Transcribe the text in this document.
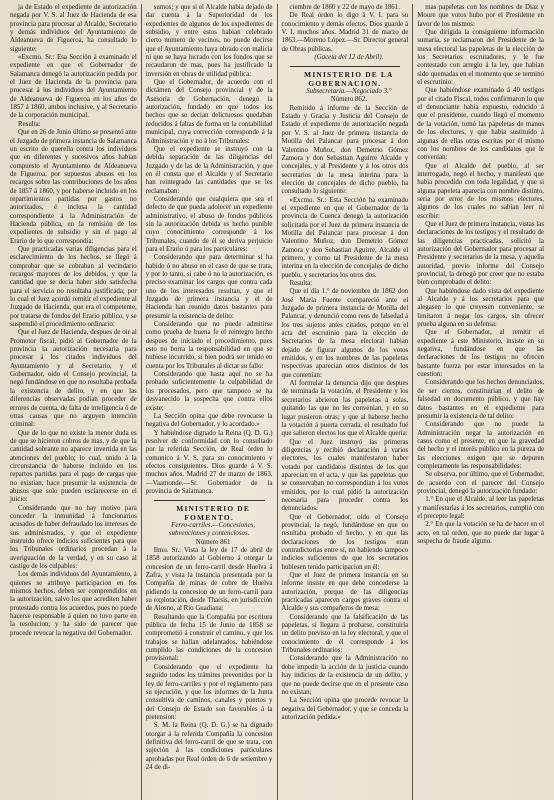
ja de Estado el expediente de autorización negada por V. S. al Juez de Hacienda de esa provincia para procesar al Alcalde, Secretario y demás individuos del Ayuntamiento de Aldeanueva de Figueroa, ha consultado lo siguiente:

«Excmo. Sr.: Esa Sección á examinado el expediente en que el Gobernador de Salamanca denegó la autorización pedida por el Juez de Hacienda de la provincia para procesar á los individuos del Ayuntamiento de Aldeanueva de Figueroa en los años de 1857 á 1860, ambos inclusive, y al Secretario de la corporación municipal.

Resulta:

Que en 26 de Junio último se presentó ante el Juzgado de primera instancia de Salamanca un escrito de querella contra los individuos que en diferentes y sucesivos años habian compuesto el Ayuntamiento de Aldeanueva de Figueroa, por supuestos abusos en los recargos sobre las contribuciones de los años de 1857 á 1860, y por haberse incluido en los repartimientos partidas por gastos no autorizados, é inclusa la cantidad correspondiente á la Administración de Hacienda pública, en la remisión de los expedientes de subsidio y sin el pago al Erario de lo que correspondia:

Que practicadas varias diligencias para el esclarecimiento de los hechos, se llegó á comprobar que se cobraban al vecindario recargos mayores de los debidos, y que la cantidad que se decia haber sido satisfecha para el servicio no resultaba justificada; por lo cual el Juez acordó remitir el expediente al Juzgado de Hacienda, que era el competente, por tratarse de fondos del Erario público, y se suspendió el procedimiento ordinario:

Que el Juez de Hacienda, despues de oir al Promotor fiscal, pidió al Gobernador de la provincia la autorización necesaria para procesar á los citados individuos del Ayuntamiento y al Secretario, y el Gobernador, oido el Consejo provincial, la negó fundándose en que no resultaba probada la existencia de delito, y en que las diferencias observadas podian proceder de errores de cuenta, de falta de inteligencia ó de otras causas que no arguyen intención criminal:

Que de lo que no existe la menor duda es de que se hicieron cobros de mas, y de que la cantidad sobrante no aparece invertida en las atenciones del pueblo; lo cual, unido á la circunstancia de haberse incluido en los repartos partidas para el pago de cargas que no existian, hace presumir la existencia de abusos que solo pueden esclarecerse en el juicio:

Considerando que no hay motivo para conceder la inmunidad á funcionarios acusados de haber defraudado los intereses de sus administrados, y que el expediente instruido ofrece indicios suficientes para que los Tribunales ordinarios procedan á la averiguación de la verdad, y en su caso al castigo de los culpables:

Los demás individuos del Ayuntamiento, á quienes se atribuye participacion en los mismos hechos, deben ser comprendidos en la autorización, salvo los que acrediten haber protestado contra los acuerdos, pues no puede hacerse responsable á quien no tuvo parte en la resolucion; y ha sido de parecer que procede revocar la negativa del Gobernador.

sumos; y que si el Alcalde habia dejado de dar cuenta á la Superioridad de los expedientes de algunos de los expedientes de subsidio, y entre estos habian celebrado cierto numero de vecinos, no puede decirse que el Ayuntamiento haya obrado con malicia ni que se haya lucrado con los fondos que se recaudaron de mas, pues ha justificado la inversión en obras de utilidad pública:

Que el Gobernador, de acuerdo con el dictámen del Consejo provincial y de la Asesoría de Gobernación, denegó la autorización, fundado en que todos los hechos que se decian delictuosos quedaban reducidos á faltas de forma en la contabilidad municipal, cuya corrección corresponde á la Administración y no á los Tribunales:

Que el expediente se instruyó con la debida separación de las diligencias del Juzgado y de las de la Administración, y que en él consta que el Alcalde y el Secretario han reintegrado las cantidades que se les reclamaban:

Considerando que cualquiera que sea el defecto de que pueda adolecer un expediente administrativo, el abuso de fondos públicos sin la autorización debida es hecho punible cuyo conocimiento corresponde á los Tribunales, cuando de él se deriva perjuicio para el Erario ó para los particulares:

Considerando que para determinar si ha habido ó no abuso en el caso de que se trata, y por lo tanto, si cabe ó no la autorización, es preciso examinar los cargos que contra cada uno de los interesados resultan, y que el Juzgado de primera instancia y el de Hacienda han reunido datos bastantes para presumir la existencia de delito:

Considerando que no puede admitirse como prueba de buena fe el reintegro hecho despues de iniciado el procedimiento, pues esto no borra la responsabilidad en que se hubiese incurrido, si bien podrá ser tenido en cuenta por los Tribunales al dictar su fallo:

Considerando que hasta aquí no se ha probado suficientemente la culpabilidad de los procesados, pero que tampoco se ha desvanecido la sospecha que contra ellos existe;

La Sección opina que debe revocarse la negativa del Gobernador, y lo acordado.»

Y habiéndose dignado la Reina (Q. D. G.) resolver de conformidad con lo consultado por la referida Sección, de Real órden lo comunico á V. S. para su conocimiento y efectos consiguientes. Dios guarde á V. S. muchos años. Madrid 27 de marzo de 1863.—Vaamonde.—Sr. Gobernador de la provincia de Salamanca.

MINISTERIO DE FOMENTO.

Ferro-carriles.—Concesiones, subvenciones y contenciosos.

Número 861

Ilmo. Sr.: Vista la ley de 17 de abril de 1858 autorizando al Gobierno á otorgar la concesion de un ferro-carril desde Huelva á Zafra, y vista la instancia presentada por la Compañía de minas de cobre de Huelva pidiendo la concesion de un ferro-carril para su explotación, desde Tharsis, en jurisdicción de Alosno, al Río Guadiana:

Resultando que la Compañía por escritura pública de fecha 15 de Junio de 1858 se comprometió á construir el camino, y que los trabajos se hallan adelantados, habiéndose cumplido las condiciones de la concesion provisional:

Considerando que el expediente ha seguido todos los trámites prevenidos por la ley de ferro-carriles y por el reglamento para su ejecución, y que los informes de la Junta consultiva de caminos, canales y puertos y del Consejo de Estado son favorables á la pretension:

S. M. la Reina (Q. D. G.) se ha dignado otorgar á la referida Compañía la concesion definitiva del ferro-carril de que se trata, con sujeción á las condiciones particulares aprobadas por Real órden de 6 de setiembre y 24 de di-

ciembre de 1860 y 22 de mayo de 1861.

De Real órden lo digo á V. I. para su conocimiento y demás efectos. Dios guarde á V. I. muchos años. Madrid 31 de marzo de 1863.—Moreno López.—Sr. Director general de Obras públicas.

(Gaceta del 12 de Abril).

MINISTERIO DE LA GOBERNACION.

Subsecretaria.—Negociado 3.°

Número 862.

Remitido á informe de la Sección de Estado y Gracia y Justicia del Consejo de Estado el expediente de autorización negada por V. S. al Juez de primera instancia de Motilla del Palancar para procesar á don Valentino Muñoz, don Demetrio Gómez Zamora y don Sebastian Aguirre Alcalde y concejales, y al Presidente y á los otros dos secretarios de la mesa interina para la elección de concejales de dicho pueblo, ha consultado lo siguiente:

«Excmo. Sr.: Esta Sección ha examinado el expediente en que el Gobernador de la provincia de Cuenca denegó la autorización solicitada por el Juez de primera instancia de Motilla del Palancar para procesar á don Valentino Muñoz, don Demetrio Gómez Zamora y don Sebastian Aguirre, Alcalde el primero, y como tal Presidente de la mesa interina en la elección de concejales de dicho pueblo, y secretarios los otros dos.

Resulta:

Que el día 1.° de noviembre de 1862 don José María Fuente compareció ante el Juzgado de primera instancia de Motilla del Palancar, y denunció como reos de falsedad á los tres sujetos antes citados, porque en el acta del escrutinio para la elección de Secretarios de la mesa electoral habian dejado de figurar algunos de los votos emitidos, y en los nombres de las papeletas respectivas aparecian otros distintos de los que contenían:

Al formular la denuncia dijo que despues de terminada la votación, el Presidente y los secretarios abrieron las papeletas á solas, quitando las que no les convenian, y en su lugar pusieron otras; y que al haberse hecho la votación á puerta cerrada, el resultado fué que salieron electos los que el Alcalde queria:

Que el Juez instruyó las primeras diligencias y recibió declaración á varios electores, los cuales manifestaron haber votado por candidatos distintos de los que aparecian en el acta, y que las papeletas que se conservaban no correspondian á los votos emitidos, por lo cual pidió la autorización necesaria para proceder contra los denunciados:

Que el Gobernador, oido el Consejo provincial, la negó, fundándose en que no resultaba probado el hecho, y en que las declaraciones de los testigos eran contradictorias entre sí, no habiendo tampoco indicios suficientes de que los secretarios hubiesen tenido participacion en él:

Que el Juez de primera instancia en su informe insiste en que debe concederse la autorización, porque de las diligencias practicadas aparecen cargos graves contra el Alcalde y sus compañeros de mesa:

Considerando que la falsificación de las papeletas, si llegara á probarse, constituiría un delito previsto en la ley electoral, y que el conocimiento de él corresponde á los Tribunales ordinarios:

Considerando que la Administración no debe impedir la acción de la justicia cuando hay indicios de la existencia de un delito, y que no puede decirse que en el presente caso no existan;

La Sección opina que procede revocar la negativa del Gobernador, y que se conceda la autorización pedida.»

mas papeletas con los nombres de Diaz y Moure que votos hubo por el Presidente en favor de los mismos:

Que dirigida la consiguiente información sumaria, se reclamaron del Presidente de la mesa electoral las papeletas de la elección de los Secretarios escrutadores, y le fue contestado con arreglo á la ley, que habian sido quemadas en el momento que se terminó el escrutinio:

Que habiéndose examinado á 40 testigos por el citado Fiscal, todos confirmaron lo que el denunciante habia expuesto, reducido á que el presidente, cuando llegó el momento de la votación, tomó las papeletas de manos de los electores, y que habia sustituido á algunas de ellas otras escritas por él mismo con los nombres de los candidatos que le convenian:

Que el Alcalde del pueblo, al ser interrogado, negó el hecho, y manifestó que habia procedido con toda legalidad, y que si alguna papeleta aparecia con nombre distinto, seria por error de los mismos electores, algunos de los cuales no sabian leer ni escribir:

Que el Juez de primera instancia, vistas las declaraciones de los testigos y el resultado de las diligencias practicadas, solicitó la autorización del Gobernador para procesar al Presidente y secretarios de la mesa, y aquella autoridad, previo informe del Consejo provincial, la denegó por creer que no estaba bien comprobado el delito:

Que habiéndose dado vista del expediente al Alcalde y á los secretarios para que alegasen lo que creyesen conveniente, se limitaron á negar los cargos, sin ofrecer prueba alguna en su defensa:

Que el Gobernador, al remitir el expediente á este Ministerio, insiste en su negativa, fundándose en que las declaraciones de los testigos no ofrecen bastante fuerza por estar interesados en la cuestion:

Considerando que los hechos denunciados, de ser ciertos, constituirian el delito de falsedad en documento público, y que hay datos bastantes en el expediente para presumir la existencia de tal delito:

Considerando que no puede la Administración negar la autorización en casos como el presente, en que la gravedad del hecho y el interés público en la pureza de las elecciones exigen que se depuren completamente las responsabilidades:

Se observa, por último, que el Gobernador, de acuerdo con el parecer del Consejo provincial, denegó la autorización fundado:

1.° En que el Alcalde, al leer las papeletas y manifestarlas á los secretarios, cumplió con el precepto legal:

2.° En que la votación se ha de hacer en el acto, en tal orden, que no puede dar lugar á sospecha de fraude alguno.
